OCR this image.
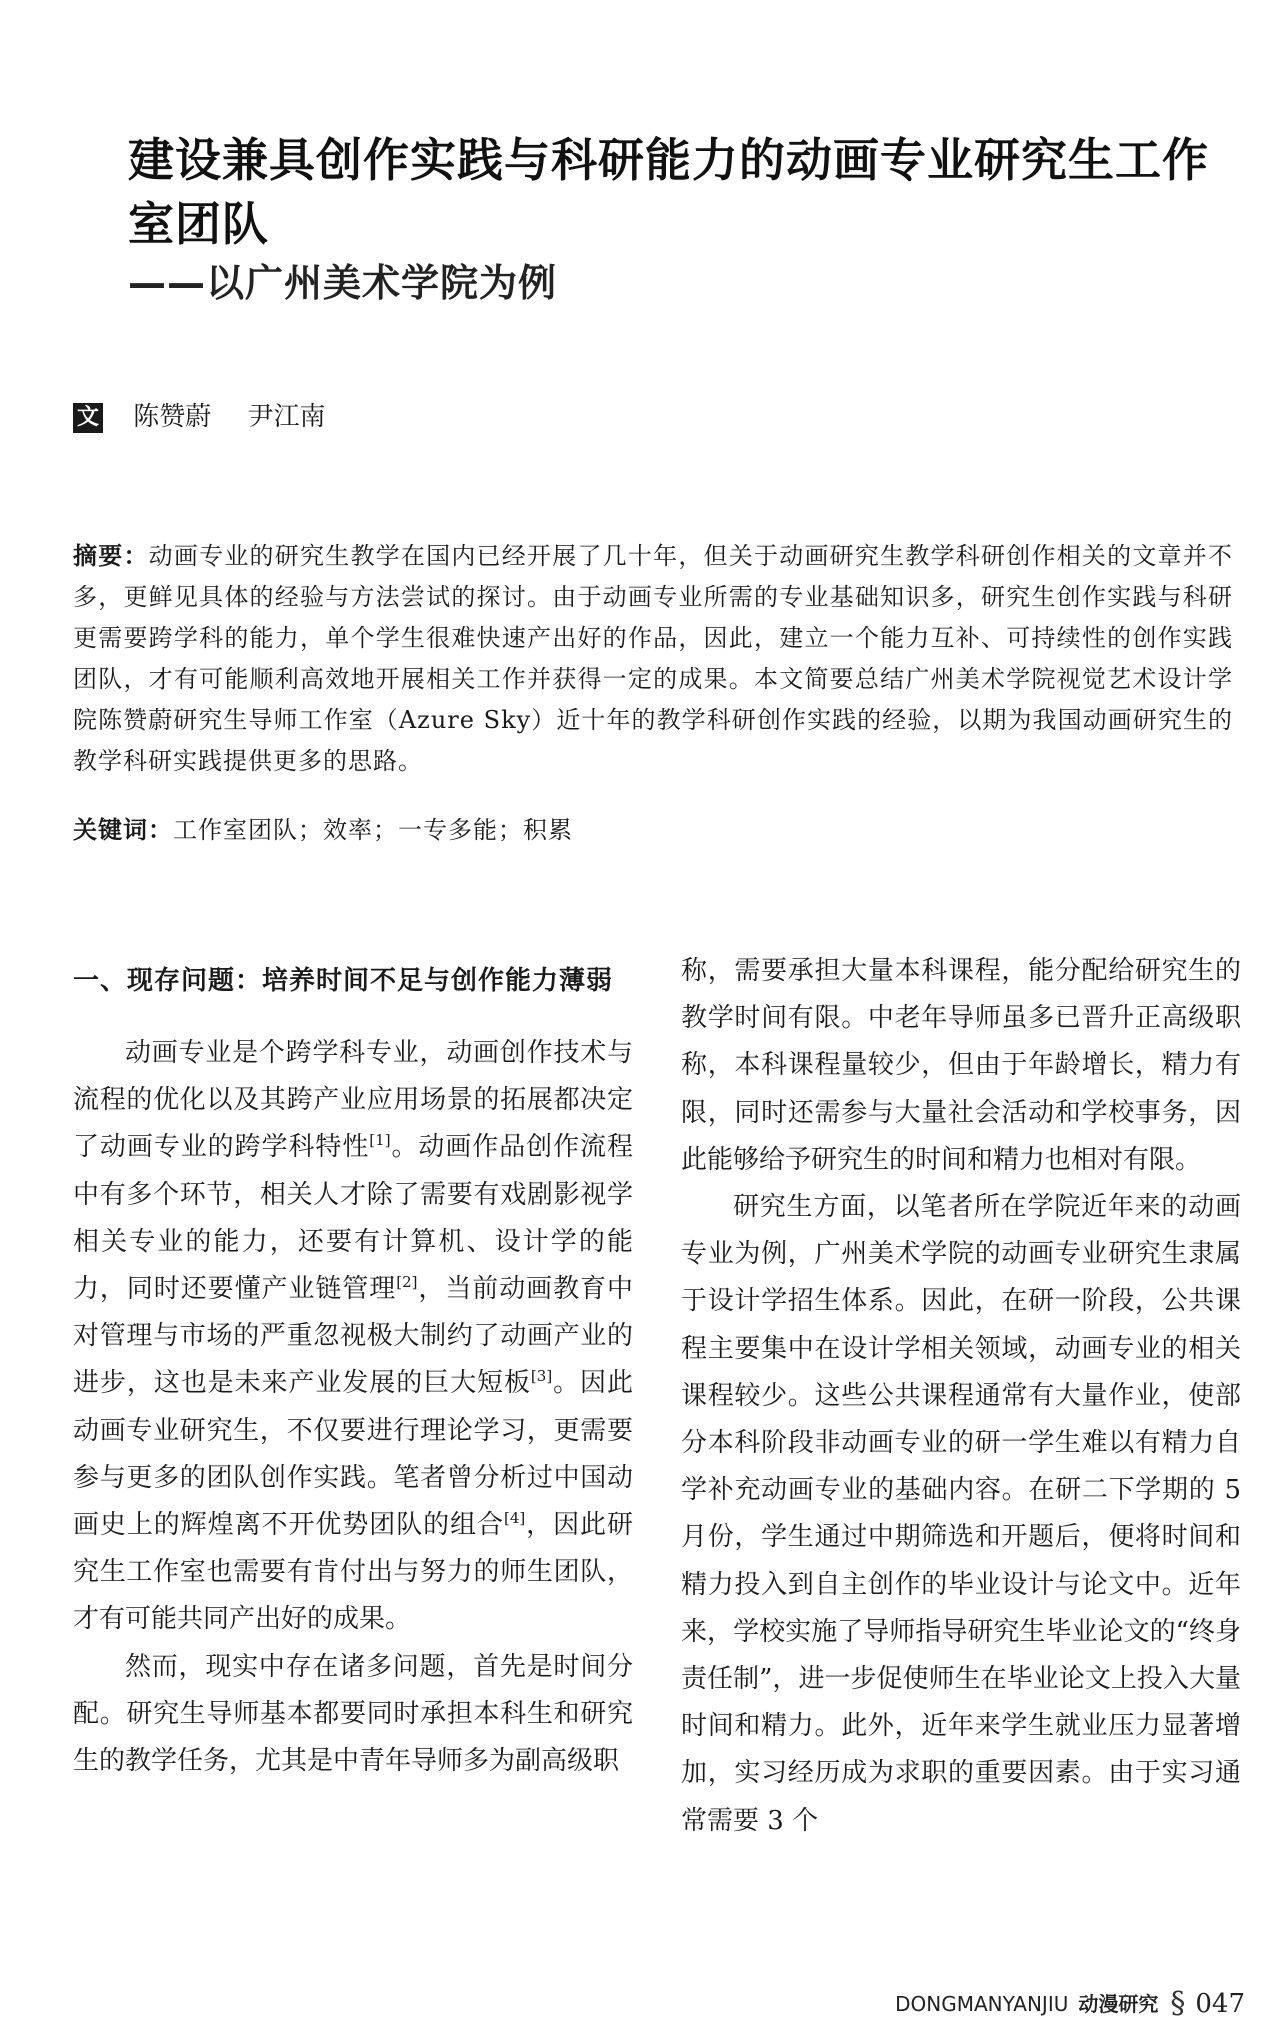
建设兼具创作实践与科研能力的动画专业研究生工作室团队
——以广州美术学院为例
文 陈赞蔚 尹江南

摘要：动画专业的研究生教学在国内已经开展了几十年，但关于动画研究生教学科研创作相关的文章并不多，更鲜见具体的经验与方法尝试的探讨。由于动画专业所需的专业基础知识多，研究生创作实践与科研更需要跨学科的能力，单个学生很难快速产出好的作品，因此，建立一个能力互补、可持续性的创作实践团队，才有可能顺利高效地开展相关工作并获得一定的成果。本文简要总结广州美术学院视觉艺术设计学院陈赞蔚研究生导师工作室（Azure Sky）近十年的教学科研创作实践的经验，以期为我国动画研究生的教学科研实践提供更多的思路。

关键词：工作室团队；效率；一专多能；积累

一、现存问题：培养时间不足与创作能力薄弱

动画专业是个跨学科专业，动画创作技术与流程的优化以及其跨产业应用场景的拓展都决定了动画专业的跨学科特性[1]。动画作品创作流程中有多个环节，相关人才除了需要有戏剧影视学相关专业的能力，还要有计算机、设计学的能力，同时还要懂产业链管理[2]，当前动画教育中对管理与市场的严重忽视极大制约了动画产业的进步，这也是未来产业发展的巨大短板[3]。因此动画专业研究生，不仅要进行理论学习，更需要参与更多的团队创作实践。笔者曾分析过中国动画史上的辉煌离不开优势团队的组合[4]，因此研究生工作室也需要有肯付出与努力的师生团队，才有可能共同产出好的成果。

然而，现实中存在诸多问题，首先是时间分配。研究生导师基本都要同时承担本科生和研究生的教学任务，尤其是中青年导师多为副高级职

称，需要承担大量本科课程，能分配给研究生的教学时间有限。中老年导师虽多已晋升正高级职称，本科课程量较少，但由于年龄增长，精力有限，同时还需参与大量社会活动和学校事务，因此能够给予研究生的时间和精力也相对有限。

研究生方面，以笔者所在学院近年来的动画专业为例，广州美术学院的动画专业研究生隶属于设计学招生体系。因此，在研一阶段，公共课程主要集中在设计学相关领域，动画专业的相关课程较少。这些公共课程通常有大量作业，使部分本科阶段非动画专业的研一学生难以有精力自学补充动画专业的基础内容。在研二下学期的 5 月份，学生通过中期筛选和开题后，便将时间和精力投入到自主创作的毕业设计与论文中。近年来，学校实施了导师指导研究生毕业论文的“终身责任制”，进一步促使师生在毕业论文上投入大量时间和精力。此外，近年来学生就业压力显著增加，实习经历成为求职的重要因素。由于实习通常需要 3 个

DONGMANYANJIU 动漫研究 § 047
